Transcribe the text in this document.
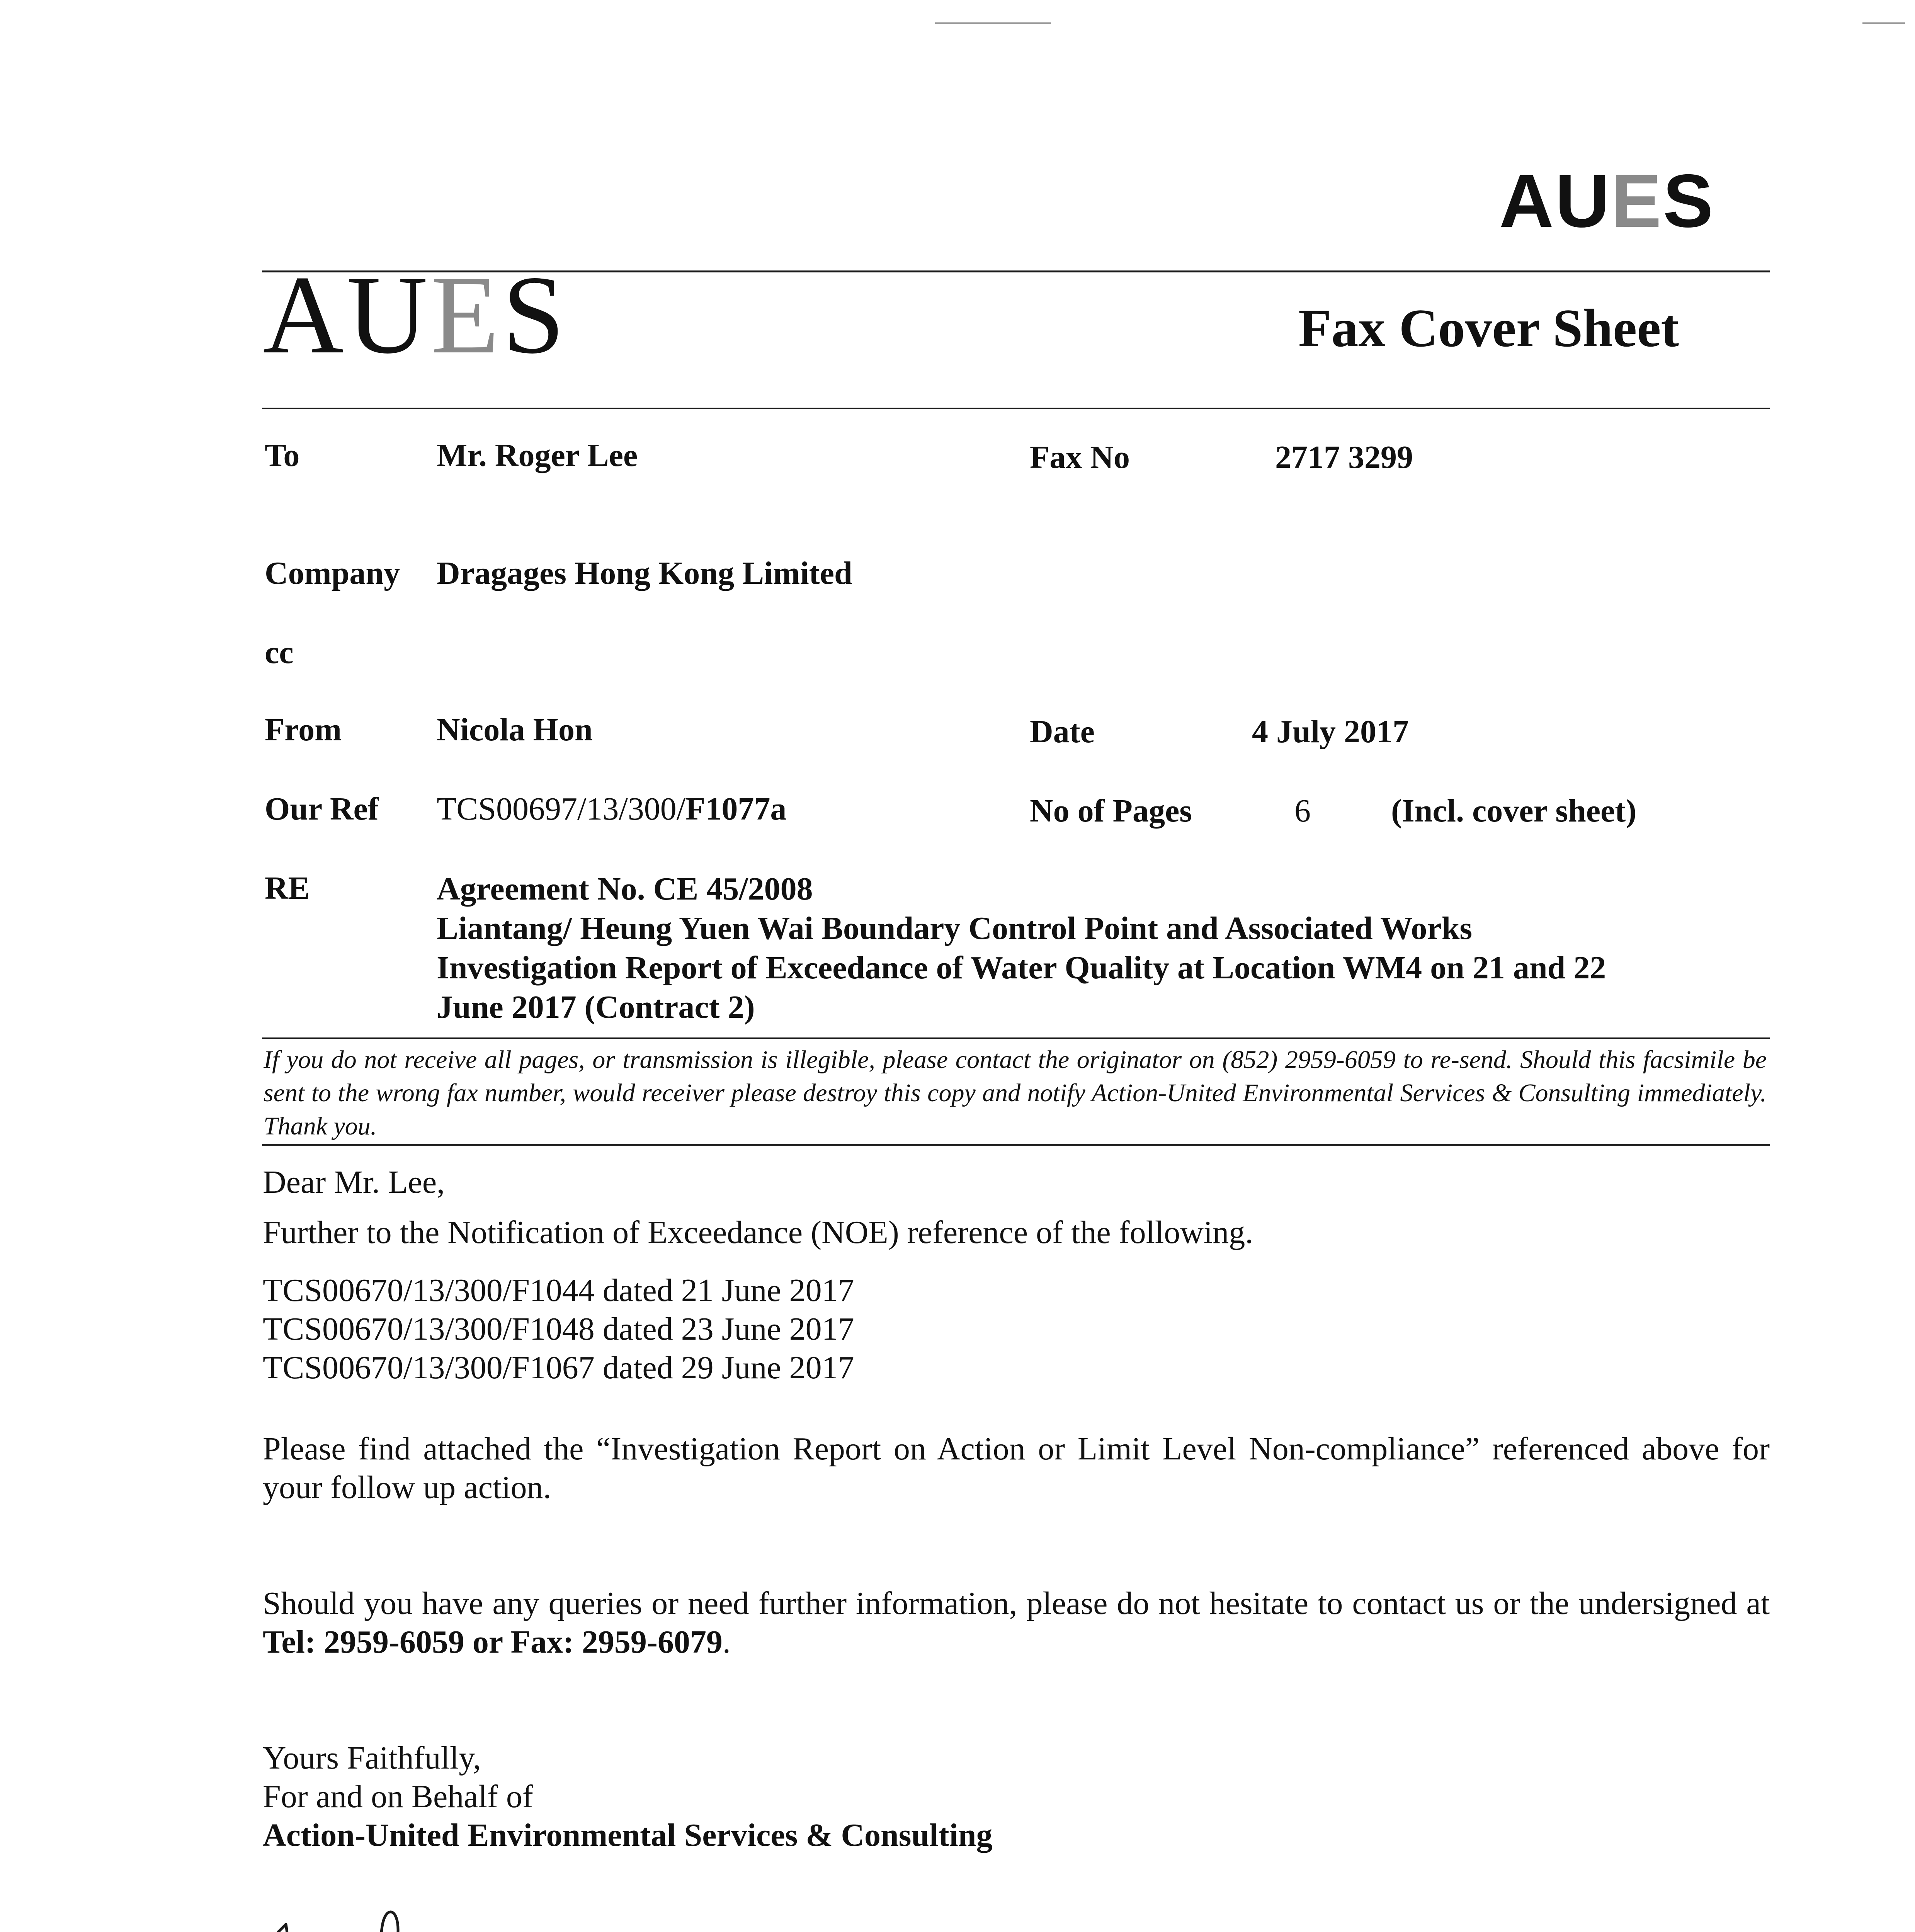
AUES
AUES	Fax Cover Sheet
To	Mr. Roger Lee	Fax No	2717 3299
Company Dragages Hong Kong Limited
cc
From	Nicola Hon	Date	4 July 2017
Our Ref TCS00697/13/300/F1077a	No of Pages	6 (Incl. cover sheet)
RE	Agreement No. CE 45/2008
Liantang/ Heung Yuen Wai Boundary Control Point and Associated Works
Investigation Report of Exceedance of Water Quality at Location WM4 on 21 and 22
June 2017 (Contract 2)
If you do not receive all pages, or transmission is illegible, please contact the originator on (852) 2959-6059 to re-send. Should this facsimile be sent to the wrong fax number, would receiver please destroy this copy and notify Action-United Environmental Services & Consulting immediately. Thank you.
Dear Mr. Lee,
Further to the Notification of Exceedance (NOE) reference of the following.
TCS00670/13/300/F1044 dated 21 June 2017
TCS00670/13/300/F1048 dated 23 June 2017
TCS00670/13/300/F1067 dated 29 June 2017
Please find attached the “Investigation Report on Action or Limit Level Non-compliance” referenced above for your follow up action.
Should you have any queries or need further information, please do not hesitate to contact us or the undersigned at Tel: 2959-6059 or Fax: 2959-6079.
Yours Faithfully,
For and on Behalf of
Action-United Environmental Services & Consulting
